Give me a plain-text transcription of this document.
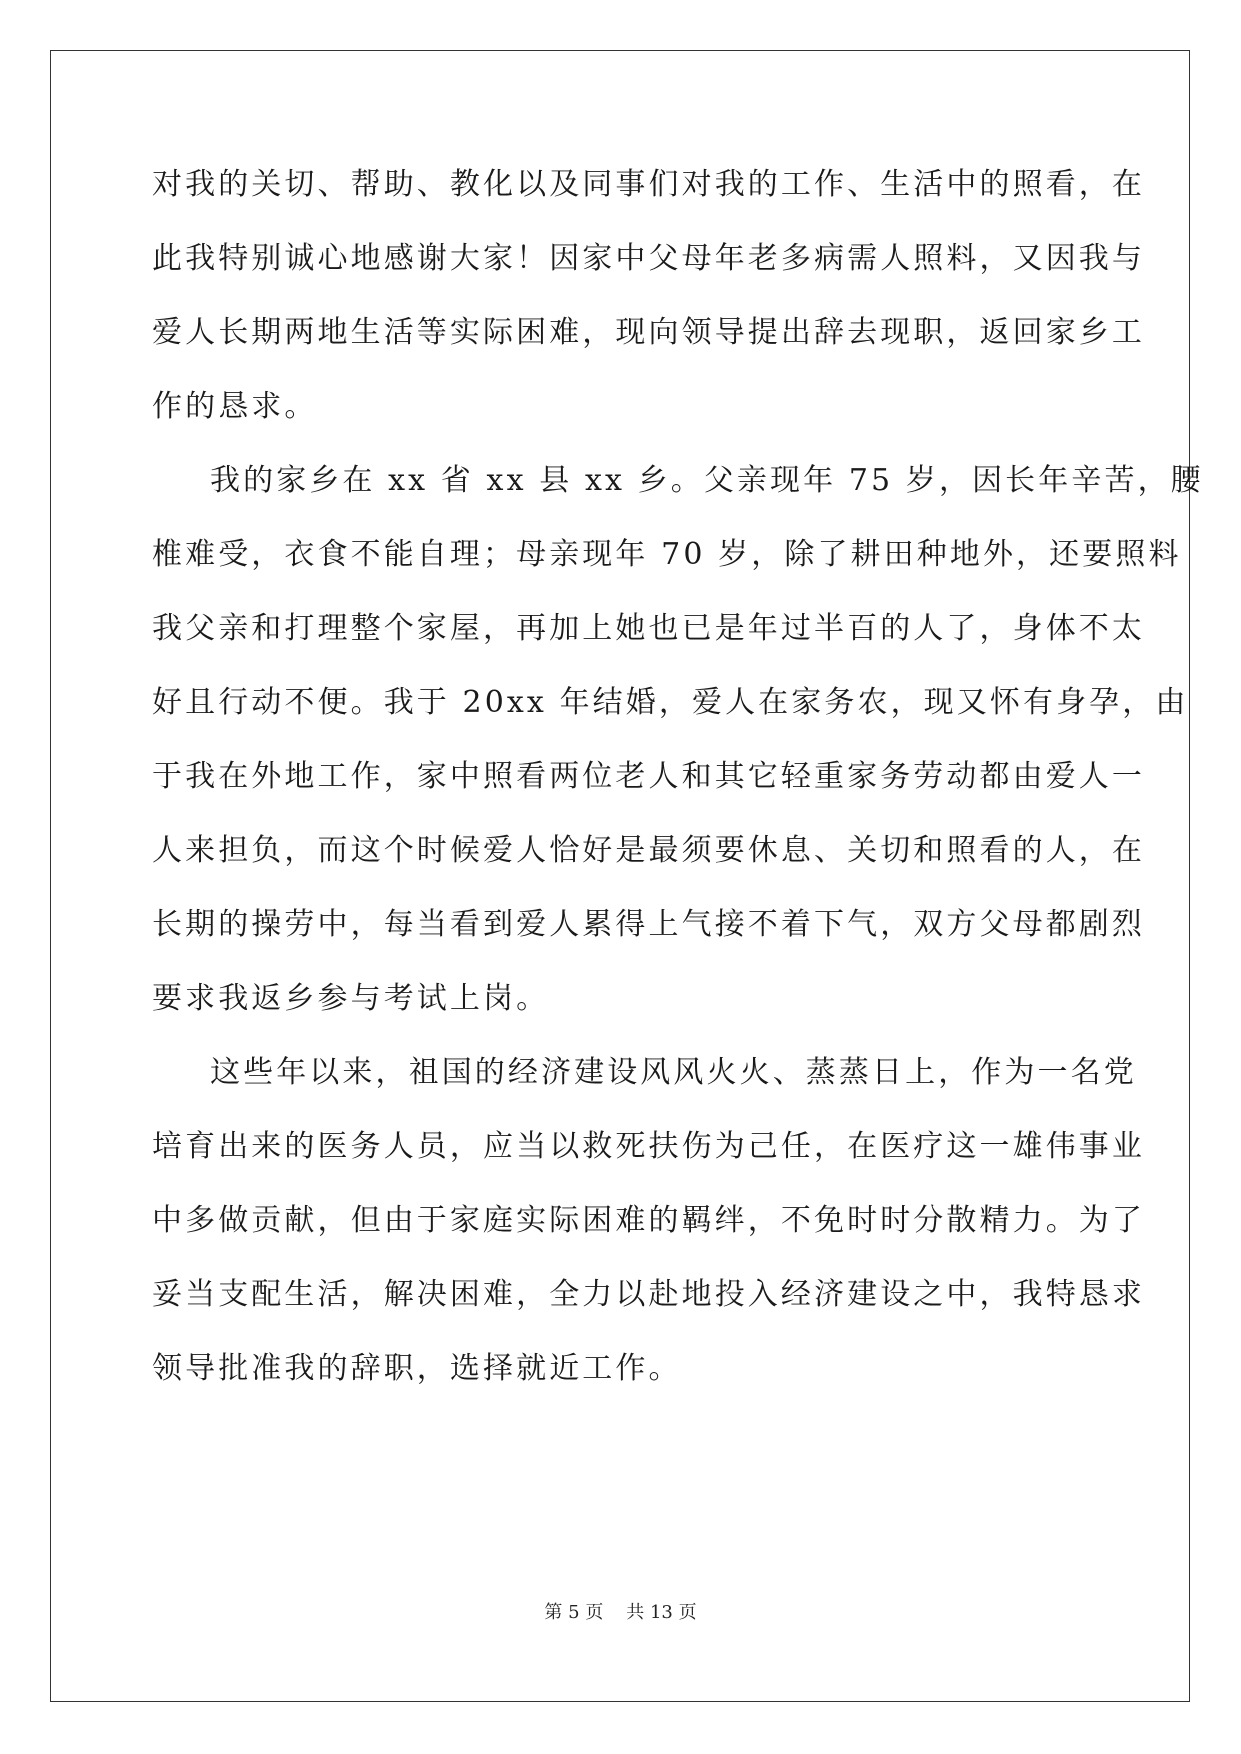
对我的关切、帮助、教化以及同事们对我的工作、生活中的照看，在
此我特别诚心地感谢大家！因家中父母年老多病需人照料，又因我与
爱人长期两地生活等实际困难，现向领导提出辞去现职，返回家乡工
作的恳求。
我的家乡在 xx 省 xx 县 xx 乡。父亲现年 75 岁，因长年辛苦，腰
椎难受，衣食不能自理；母亲现年 70 岁，除了耕田种地外，还要照料
我父亲和打理整个家屋，再加上她也已是年过半百的人了，身体不太
好且行动不便。我于 20xx 年结婚，爱人在家务农，现又怀有身孕，由
于我在外地工作，家中照看两位老人和其它轻重家务劳动都由爱人一
人来担负，而这个时候爱人恰好是最须要休息、关切和照看的人，在
长期的操劳中，每当看到爱人累得上气接不着下气，双方父母都剧烈
要求我返乡参与考试上岗。
这些年以来，祖国的经济建设风风火火、蒸蒸日上，作为一名党
培育出来的医务人员，应当以救死扶伤为己任，在医疗这一雄伟事业
中多做贡献，但由于家庭实际困难的羁绊，不免时时分散精力。为了
妥当支配生活，解决困难，全力以赴地投入经济建设之中，我特恳求
领导批准我的辞职，选择就近工作。
第 5 页 共 13 页
